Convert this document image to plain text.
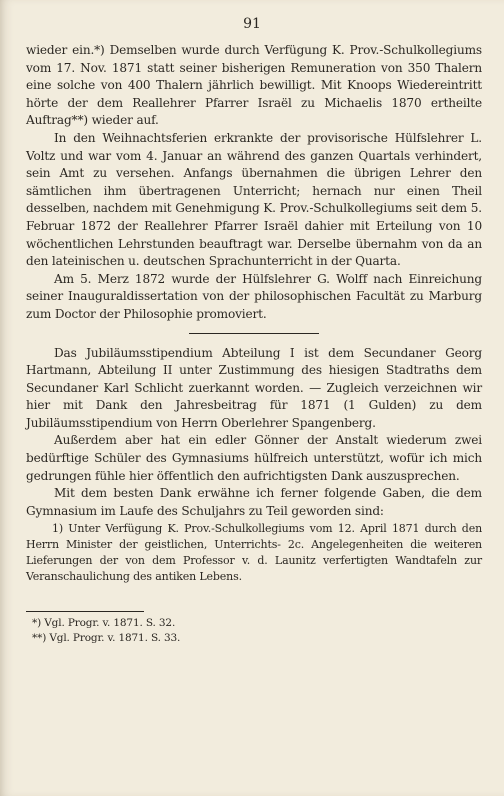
91

wieder ein.*) Demselben wurde durch Verfügung K. Prov.-Schulkollegiums vom 17. Nov. 1871 statt seiner bisherigen Remuneration von 350 Thalern eine solche von 400 Thalern jährlich bewilligt. Mit Knoops Wiedereintritt hörte der dem Reallehrer Pfarrer Israël zu Michaelis 1870 ertheilte Auftrag**) wieder auf.

In den Weihnachtsferien erkrankte der provisorische Hülfslehrer L. Voltz und war vom 4. Januar an während des ganzen Quartals verhindert, sein Amt zu versehen. Anfangs übernahmen die übrigen Lehrer den sämtlichen ihm übertragenen Unterricht; hernach nur einen Theil desselben, nachdem mit Genehmigung K. Prov.-Schulkollegiums seit dem 5. Februar 1872 der Reallehrer Pfarrer Israël dahier mit Erteilung von 10 wöchentlichen Lehrstunden beauftragt war. Derselbe übernahm von da an den lateinischen u. deutschen Sprachunterricht in der Quarta.

Am 5. Merz 1872 wurde der Hülfslehrer G. Wolff nach Einreichung seiner Inauguraldissertation von der philosophischen Facultät zu Marburg zum Doctor der Philosophie promoviert.

Das Jubiläumsstipendium Abteilung I ist dem Secundaner Georg Hartmann, Abteilung II unter Zustimmung des hiesigen Stadtraths dem Secundaner Karl Schlicht zuerkannt worden. — Zugleich verzeichnen wir hier mit Dank den Jahresbeitrag für 1871 (1 Gulden) zu dem Jubiläumsstipendium von Herrn Oberlehrer Spangenberg.

Außerdem aber hat ein edler Gönner der Anstalt wiederum zwei bedürftige Schüler des Gymnasiums hülfreich unterstützt, wofür ich mich gedrungen fühle hier öffentlich den aufrichtigsten Dank auszusprechen.

Mit dem besten Dank erwähne ich ferner folgende Gaben, die dem Gymnasium im Laufe des Schuljahrs zu Teil geworden sind:

1) Unter Verfügung K. Prov.-Schulkollegiums vom 12. April 1871 durch den Herrn Minister der geistlichen, Unterrichts- 2c. Angelegenheiten die weiteren Lieferungen der von dem Professor v. d. Launitz verfertigten Wandtafeln zur Veranschaulichung des antiken Lebens.

*) Vgl. Progr. v. 1871. S. 32.
**) Vgl. Progr. v. 1871. S. 33.
